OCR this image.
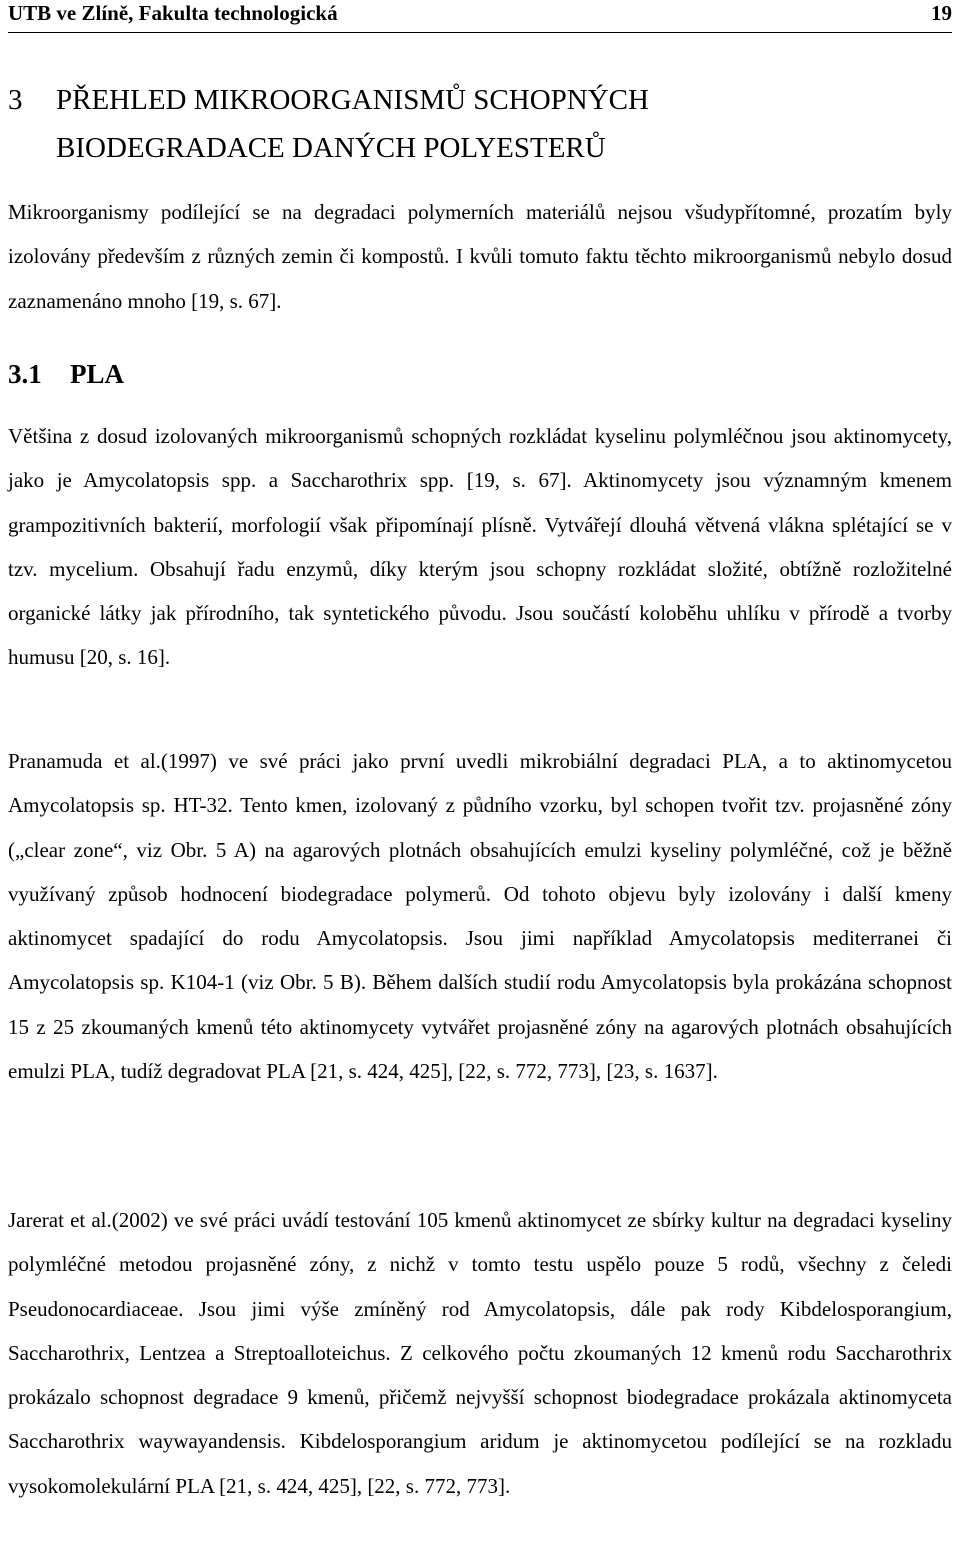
UTB ve Zlíně, Fakulta technologická	19
3 PŘEHLED MIKROORGANISMŮ SCHOPNÝCH
BIODEGRADACE DANÝCH POLYESTERŮ
Mikroorganismy podílející se na degradaci polymerních materiálů nejsou všudypřítomné, prozatím byly izolovány především z různých zemin či kompostů. I kvůli tomuto faktu těchto mikroorganismů nebylo dosud zaznamenáno mnoho [19, s. 67].
3.1 PLA
Většina z dosud izolovaných mikroorganismů schopných rozkládat kyselinu polymléčnou jsou aktinomycety, jako je Amycolatopsis spp. a Saccharothrix spp. [19, s. 67]. Aktinomycety jsou významným kmenem grampozitivních bakterií, morfologií však připomínají plísně. Vytvářejí dlouhá větvená vlákna splétající se v tzv. mycelium. Obsahují řadu enzymů, díky kterým jsou schopny rozkládat složité, obtížně rozložitelné organické látky jak přírodního, tak syntetického původu. Jsou součástí koloběhu uhlíku v přírodě a tvorby humusu [20, s. 16].
Pranamuda et al.(1997) ve své práci jako první uvedli mikrobiální degradaci PLA, a to aktinomycetou Amycolatopsis sp. HT-32. Tento kmen, izolovaný z půdního vzorku, byl schopen tvořit tzv. projasněné zóny („clear zone“, viz Obr. 5 A) na agarových plotnách obsahujících emulzi kyseliny polymléčné, což je běžně využívaný způsob hodnocení biodegradace polymerů. Od tohoto objevu byly izolovány i další kmeny aktinomycet spadající do rodu Amycolatopsis. Jsou jimi například Amycolatopsis mediterranei či Amycolatopsis sp. K104-1 (viz Obr. 5 B). Během dalších studií rodu Amycolatopsis byla prokázána schopnost 15 z 25 zkoumaných kmenů této aktinomycety vytvářet projasněné zóny na agarových plotnách obsahujících emulzi PLA, tudíž degradovat PLA [21, s. 424, 425], [22, s. 772, 773], [23, s. 1637].
Jarerat et al.(2002) ve své práci uvádí testování 105 kmenů aktinomycet ze sbírky kultur na degradaci kyseliny polymléčné metodou projasněné zóny, z nichž v tomto testu uspělo pouze 5 rodů, všechny z čeledi Pseudonocardiaceae. Jsou jimi výše zmíněný rod Amycolatopsis, dále pak rody Kibdelosporangium, Saccharothrix, Lentzea a Streptoalloteichus. Z celkového počtu zkoumaných 12 kmenů rodu Saccharothrix prokázalo schopnost degradace 9 kmenů, přičemž nejvyšší schopnost biodegradace prokázala aktinomyceta Saccharothrix waywayandensis. Kibdelosporangium aridum je aktinomycetou podílející se na rozkladu vysokomolekulární PLA [21, s. 424, 425], [22, s. 772, 773].
